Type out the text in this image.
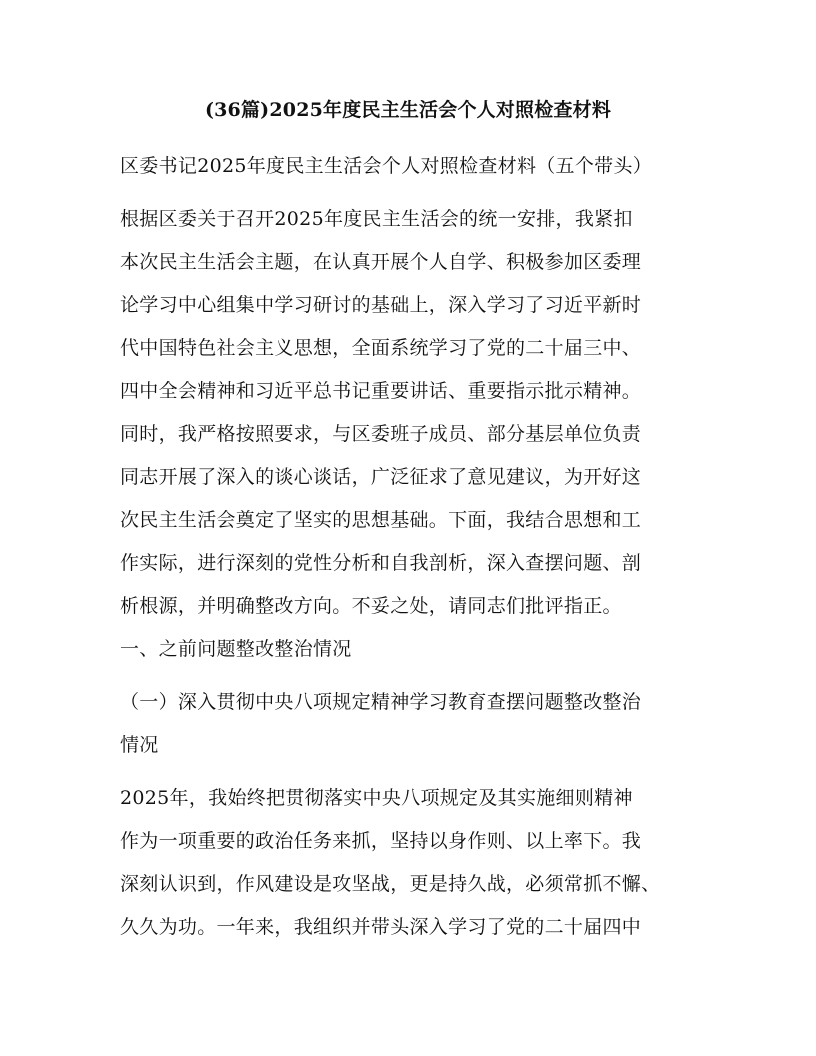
(36篇)2025年度民主生活会个人对照检查材料
区委书记2025年度民主生活会个人对照检查材料（五个带头）
根据区委关于召开2025年度民主生活会的统一安排，我紧扣
本次民主生活会主题，在认真开展个人自学、积极参加区委理
论学习中心组集中学习研讨的基础上，深入学习了习近平新时
代中国特色社会主义思想，全面系统学习了党的二十届三中、
四中全会精神和习近平总书记重要讲话、重要指示批示精神。
同时，我严格按照要求，与区委班子成员、部分基层单位负责
同志开展了深入的谈心谈话，广泛征求了意见建议，为开好这
次民主生活会奠定了坚实的思想基础。下面，我结合思想和工
作实际，进行深刻的党性分析和自我剖析，深入查摆问题、剖
析根源，并明确整改方向。不妥之处，请同志们批评指正。
一、之前问题整改整治情况
（一）深入贯彻中央八项规定精神学习教育查摆问题整改整治
情况
2025年，我始终把贯彻落实中央八项规定及其实施细则精神
作为一项重要的政治任务来抓，坚持以身作则、以上率下。我
深刻认识到，作风建设是攻坚战，更是持久战，必须常抓不懈、
久久为功。一年来，我组织并带头深入学习了党的二十届四中
